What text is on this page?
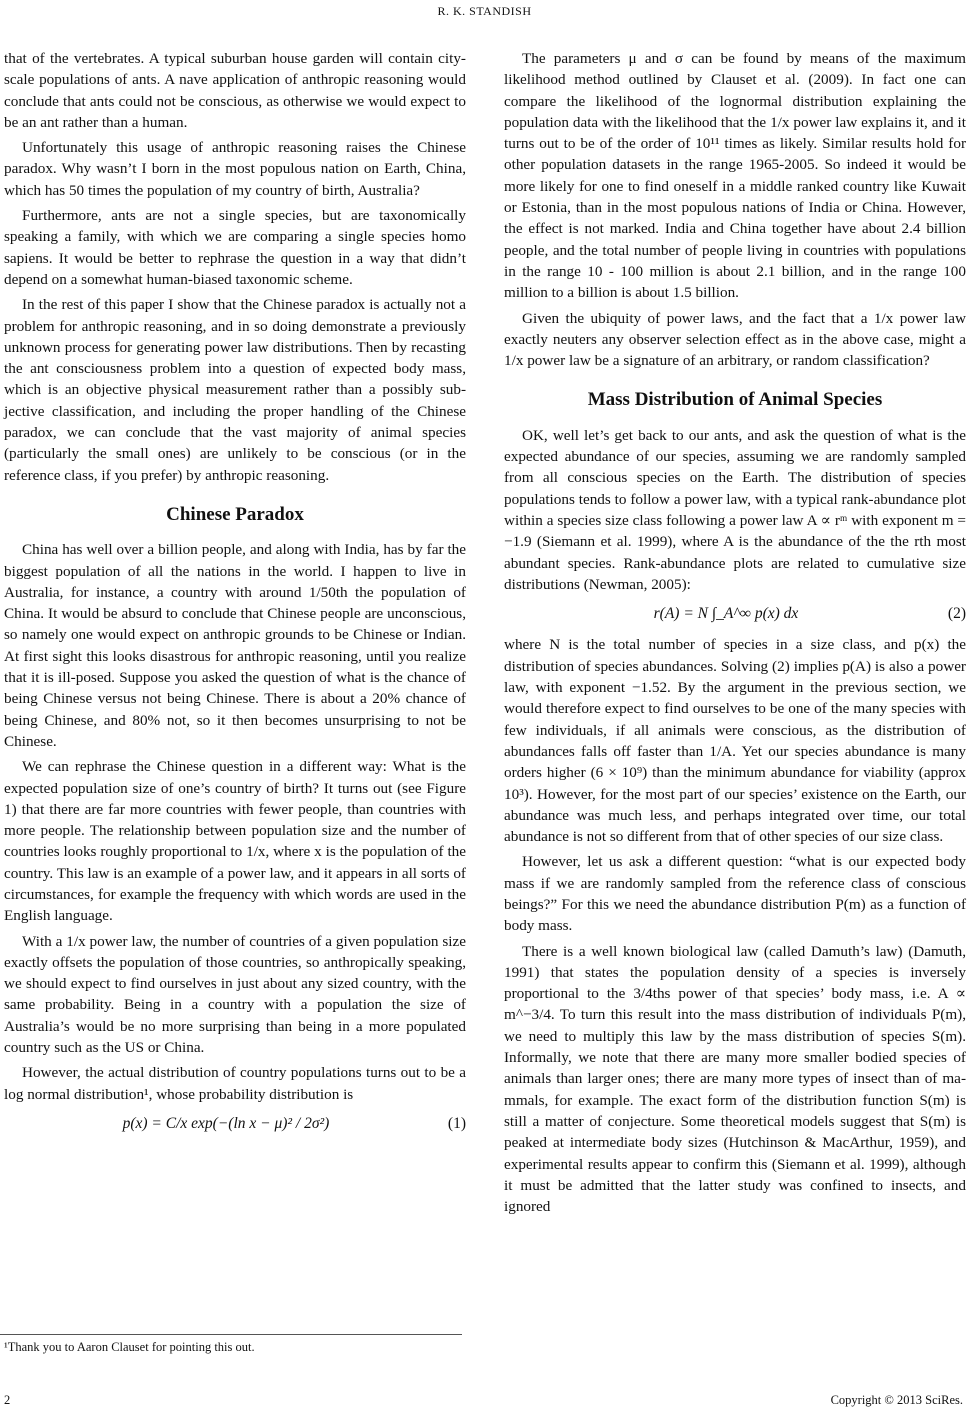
R. K. STANDISH

that of the vertebrates. A typical suburban house garden will contain city-scale populations of ants. A nave application of anthropic reasoning would conclude that ants could not be conscious, as otherwise we would expect to be an ant rather than a human.

Unfortunately this usage of anthropic reasoning raises the Chinese paradox. Why wasn’t I born in the most populous nation on Earth, China, which has 50 times the population of my country of birth, Australia?

Furthermore, ants are not a single species, but are taxonomically speaking a family, with which we are comparing a single species homo sapiens. It would be better to rephrase the question in a way that didn’t depend on a somewhat human-biased taxonomic scheme.

In the rest of this paper I show that the Chinese paradox is actually not a problem for anthropic reasoning, and in so doing demonstrate a previously unknown process for generating power law distributions. Then by recasting the ant consciousness problem into a question of expected body mass, which is an objective physical measurement rather than a possibly subjective classification, and including the proper handling of the Chinese paradox, we can conclude that the vast majority of animal species (particularly the small ones) are unlikely to be conscious (or in the reference class, if you prefer) by anthropic reasoning.

Chinese Paradox

China has well over a billion people, and along with India, has by far the biggest population of all the nations in the world. I happen to live in Australia, for instance, a country with around 1/50th the population of China. It would be absurd to conclude that Chinese people are unconscious, so namely one would expect on anthropic grounds to be Chinese or Indian. At first sight this looks disastrous for anthropic reasoning, until you realize that it is ill-posed. Suppose you asked the question of what is the chance of being Chinese versus not being Chinese. There is about a 20% chance of being Chinese, and 80% not, so it then becomes unsurprising to not be Chinese.

We can rephrase the Chinese question in a different way: What is the expected population size of one’s country of birth? It turns out (see Figure 1) that there are far more countries with fewer people, than countries with more people. The relationship between population size and the number of countries looks roughly proportional to 1/x, where x is the population of the country. This law is an example of a power law, and it appears in all sorts of circumstances, for example the frequency with which words are used in the English language.

With a 1/x power law, the number of countries of a given population size exactly offsets the population of those countries, so anthropically speaking, we should expect to find ourselves in just about any sized country, with the same probability. Being in a country with a population the size of Australia’s would be no more surprising than being in a more populated country such as the US or China.

However, the actual distribution of country populations turns out to be a log normal distribution¹, whose probability distribution is

p(x) = C/x exp(−(ln x − μ)² / 2σ²)	(1)

The parameters μ and σ can be found by means of the maximum likelihood method outlined by Clauset et al. (2009). In fact one can compare the likelihood of the lognormal distribution explaining the population data with the likelihood that the 1/x power law explains it, and it turns out to be of the order of 10¹¹ times as likely. Similar results hold for other population datasets in the range 1965-2005. So indeed it would be more likely for one to find oneself in a middle ranked country like Kuwait or Estonia, than in the most populous nations of India or China. However, the effect is not marked. India and China together have about 2.4 billion people, and the total number of people living in countries with populations in the range 10 - 100 million is about 2.1 billion, and in the range 100 million to a billion is about 1.5 billion.

Given the ubiquity of power laws, and the fact that a 1/x power law exactly neuters any observer selection effect as in the above case, might a 1/x power law be a signature of an arbitrary, or random classification?

Mass Distribution of Animal Species

OK, well let’s get back to our ants, and ask the question of what is the expected abundance of our species, assuming we are randomly sampled from all conscious species on the Earth. The distribution of species populations tends to follow a power law, with a typical rank-abundance plot within a species size class following a power law A ∝ rᵐ with exponent m = −1.9 (Siemann et al. 1999), where A is the abundance of the the rth most abundant species. Rank-abundance plots are related to cumulative size distributions (Newman, 2005):

r(A) = N ∫_A^∞ p(x) dx	(2)

where N is the total number of species in a size class, and p(x) the distribution of species abundances. Solving (2) implies p(A) is also a power law, with exponent −1.52. By the argument in the previous section, we would therefore expect to find ourselves to be one of the many species with few individuals, if all animals were conscious, as the distribution of abundances falls off faster than 1/A. Yet our species abundance is many orders higher (6 × 10⁹) than the minimum abundance for viability (approx 10³). However, for the most part of our species’ existence on the Earth, our abundance was much less, and perhaps integrated over time, our total abundance is not so different from that of other species of our size class.

However, let us ask a different question: “what is our expected body mass if we are randomly sampled from the reference class of conscious beings?” For this we need the abundance distribution P(m) as a function of body mass.

There is a well known biological law (called Damuth’s law) (Damuth, 1991) that states the population density of a species is inversely proportional to the 3/4ths power of that species’ body mass, i.e. A ∝ m^−3/4. To turn this result into the mass distribution of individuals P(m), we need to multiply this law by the mass distribution of species S(m). Informally, we note that there are many more smaller bodied species of animals than larger ones; there are many more types of insect than of mammals, for example. The exact form of the distribution function S(m) is still a matter of conjecture. Some theoretical models suggest that S(m) is peaked at intermediate body sizes (Hutchinson & MacArthur, 1959), and experimental results appear to confirm this (Siemann et al. 1999), although it must be admitted that the latter study was confined to insects, and ignored

¹Thank you to Aaron Clauset for pointing this out.
2	Copyright © 2013 SciRes.
